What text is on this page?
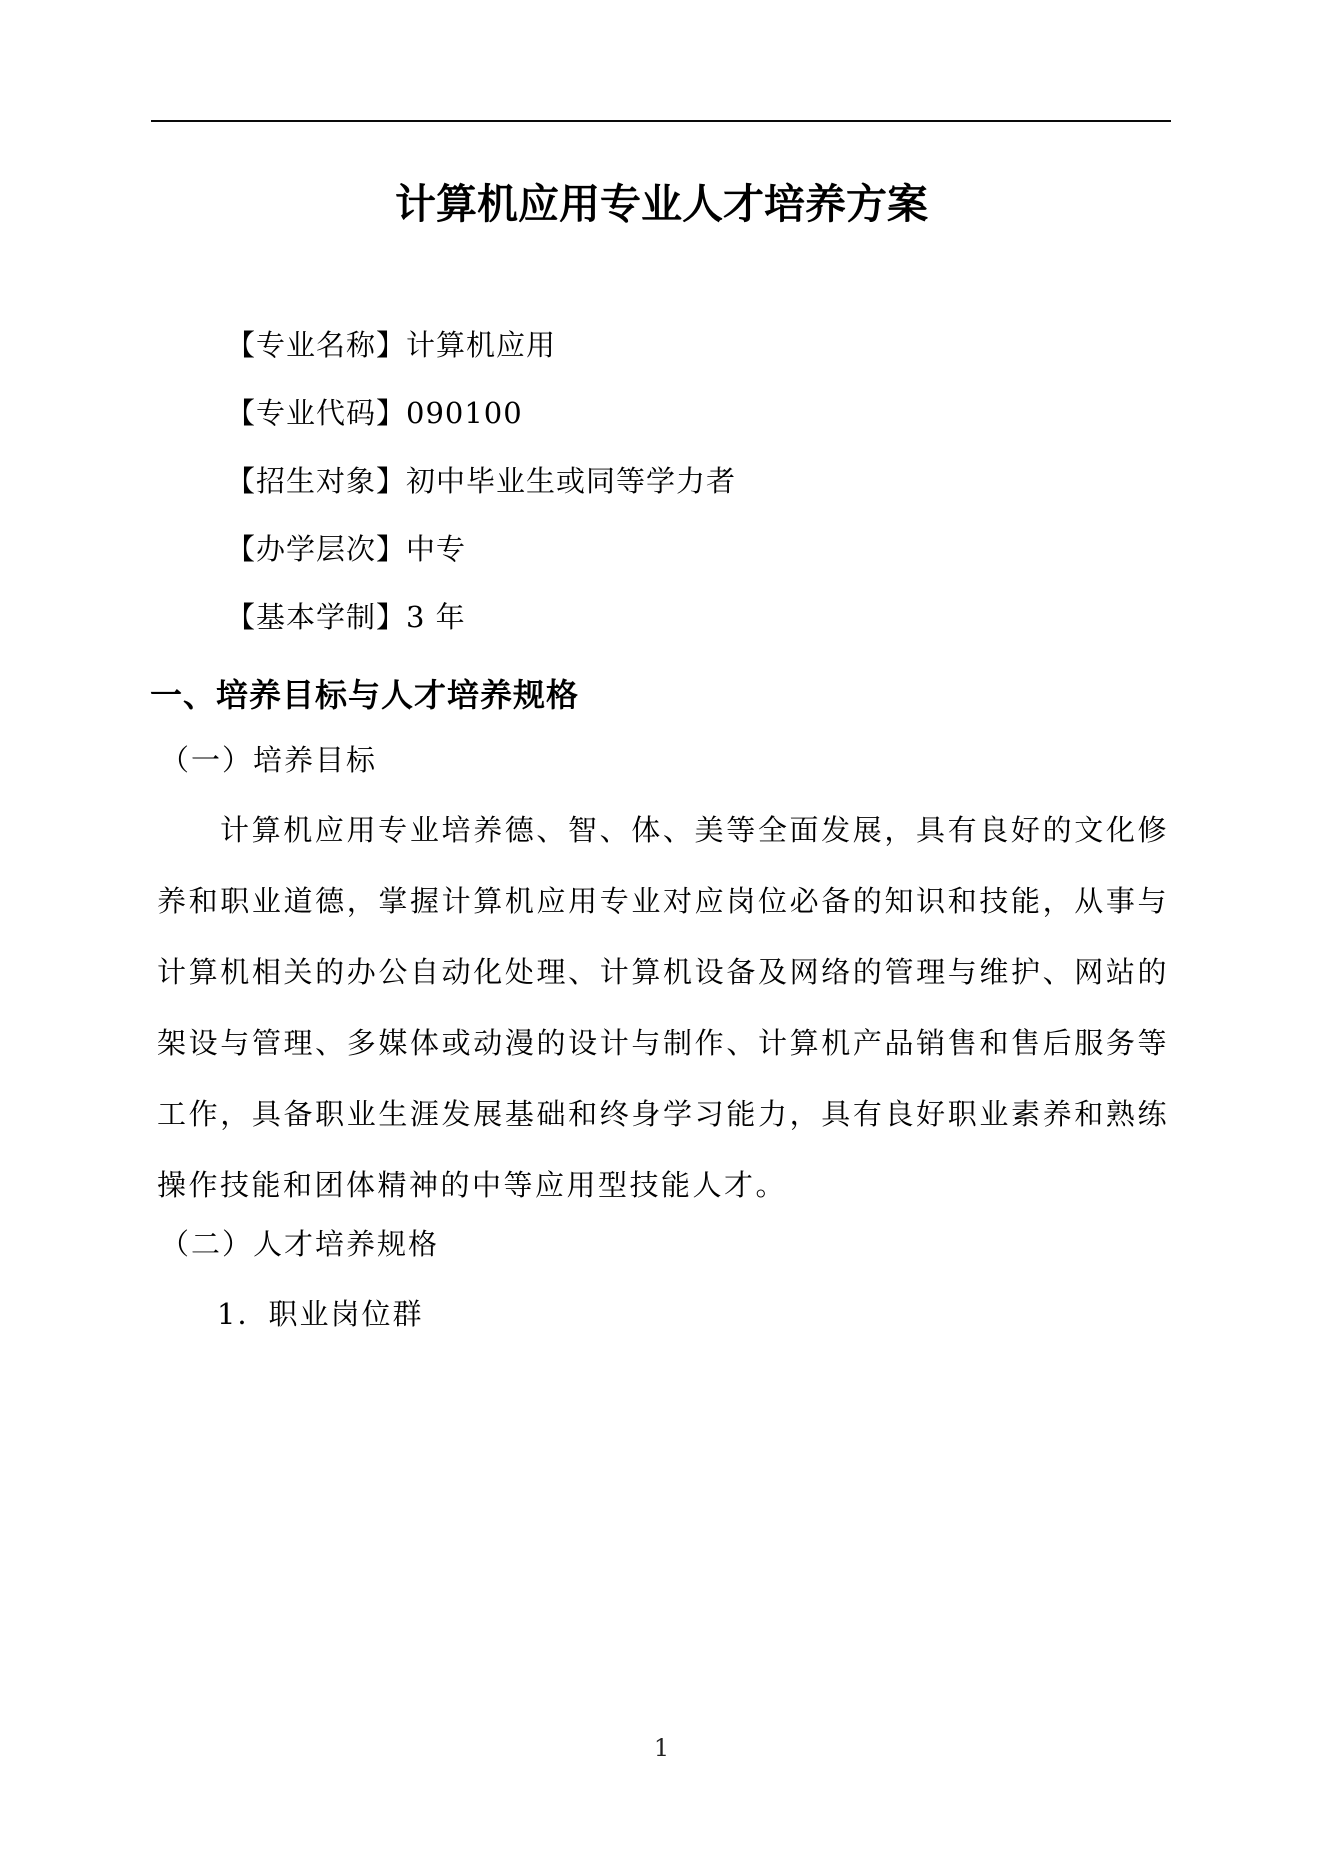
计算机应用专业人才培养方案
【专业名称】计算机应用
【专业代码】090100
【招生对象】初中毕业生或同等学力者
【办学层次】中专
【基本学制】3 年
一、培养目标与人才培养规格
（一）培养目标
计算机应用专业培养德、智、体、美等全面发展，具有良好的文化修养和职业道德，掌握计算机应用专业对应岗位必备的知识和技能，从事与计算机相关的办公自动化处理、计算机设备及网络的管理与维护、网站的架设与管理、多媒体或动漫的设计与制作、计算机产品销售和售后服务等工作，具备职业生涯发展基础和终身学习能力，具有良好职业素养和熟练操作技能和团体精神的中等应用型技能人才。
（二）人才培养规格
1．职业岗位群
1
